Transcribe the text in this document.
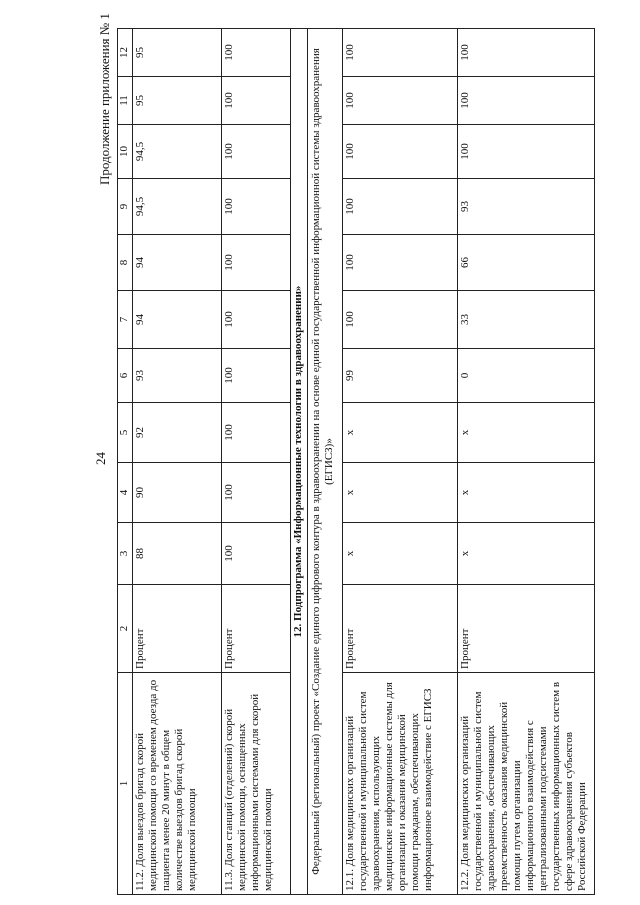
24
Продолжение приложения № 1
1	2	3	4	5	6	7	8	9	10	11	12
11.2. Доля выездов бригад скорой медицинской помощи со временем доезда до пациента менее 20 минут в общем количестве выездов бригад скорой медицинской помощи	Процент	88	90	92	93	94	94	94,5	94,5	95	95
11.3. Доля станций (отделений) скорой медицинской помощи, оснащенных информационными системами для скорой медицинской помощи	Процент	100	100	100	100	100	100	100	100	100	100
12. Подпрограмма «Информационные технологии в здравоохранении»											
Федеральный (региональный) проект «Создание единого цифрового контура в здравоохранении на основе единой государственной информационной системы здравоохранения (ЕГИСЗ)»											
12.1. Доля медицинских организаций государственной и муниципальной систем здравоохранения, использующих медицинские информационные системы для организации и оказания медицинской помощи гражданам, обеспечивающих информационное взаимодействие с ЕГИСЗ	Процент	х	х	х	99	100	100	100	100	100	100
12.2. Доля медицинских организаций государственной и муниципальной систем здравоохранения, обеспечивающих преемственность оказания медицинской помощи путем организации информационного взаимодействия с централизованными подсистемами государственных информационных систем в сфере здравоохранения субъектов Российской Федерации	Процент	х	х	х	0	33	66	93	100	100	100
